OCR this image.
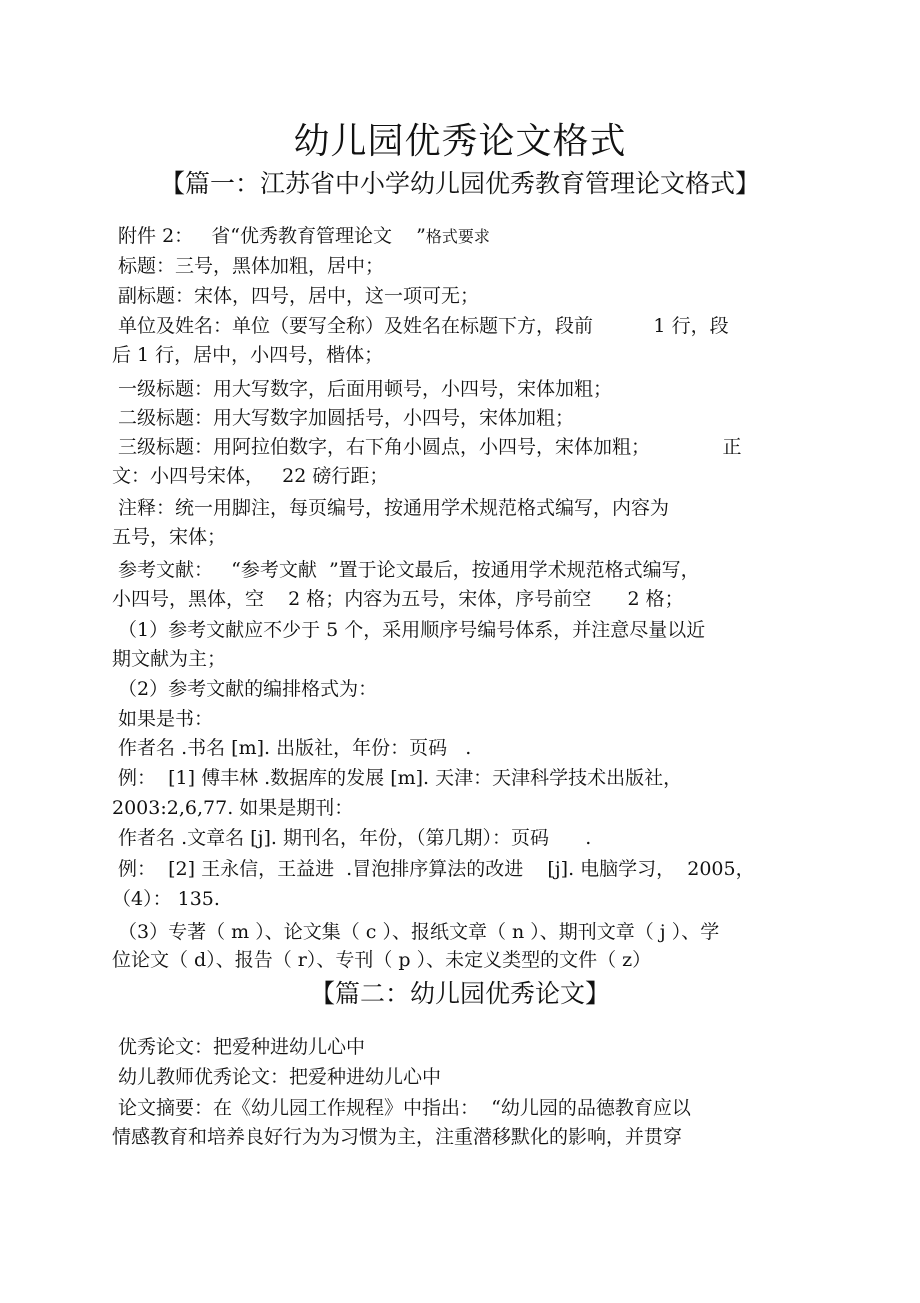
幼儿园优秀论文格式
【篇一：江苏省中小学幼儿园优秀教育管理论文格式】
附件 2：   省“优秀教育管理论文    ”格式要求
标题：三号，黑体加粗，居中；
副标题：宋体，四号，居中，这一项可无；
单位及姓名：单位（要写全称）及姓名在标题下方，段前          1 行，段
后 1 行，居中，小四号，楷体；
一级标题：用大写数字，后面用顿号，小四号，宋体加粗；
二级标题：用大写数字加圆括号，小四号，宋体加粗；
三级标题：用阿拉伯数字，右下角小圆点，小四号，宋体加粗；            正
文：小四号宋体，   22 磅行距；
注释：统一用脚注，每页编号，按通用学术规范格式编写，内容为
五号，宋体；
参考文献：   “参考文献  ”置于论文最后，按通用学术规范格式编写，
小四号，黑体，空    2 格；内容为五号，宋体，序号前空      2 格；
（1）参考文献应不少于 5 个，采用顺序号编号体系，并注意尽量以近
期文献为主；
（2）参考文献的编排格式为：
如果是书：
作者名 .书名 [m]. 出版社，年份：页码   .
例：  [1] 傅丰林 .数据库的发展 [m]. 天津：天津科学技术出版社，
2003:2,6,77. 如果是期刊：
作者名 .文章名 [j]. 期刊名，年份，（第几期）：页码      .
例：  [2] 王永信，王益进  .冒泡排序算法的改进    [j]. 电脑学习，  2005，
（4）： 135.
（3）专著（ m ）、论文集（ c ）、报纸文章（ n ）、期刊文章（ j ）、学
位论文（ d）、报告（ r）、专刊（ p ）、未定义类型的文件（ z）
【篇二：幼儿园优秀论文】
优秀论文：把爱种进幼儿心中
幼儿教师优秀论文：把爱种进幼儿心中
论文摘要：在《幼儿园工作规程》中指出：  “幼儿园的品德教育应以
情感教育和培养良好行为为习惯为主，注重潜移默化的影响，并贯穿
